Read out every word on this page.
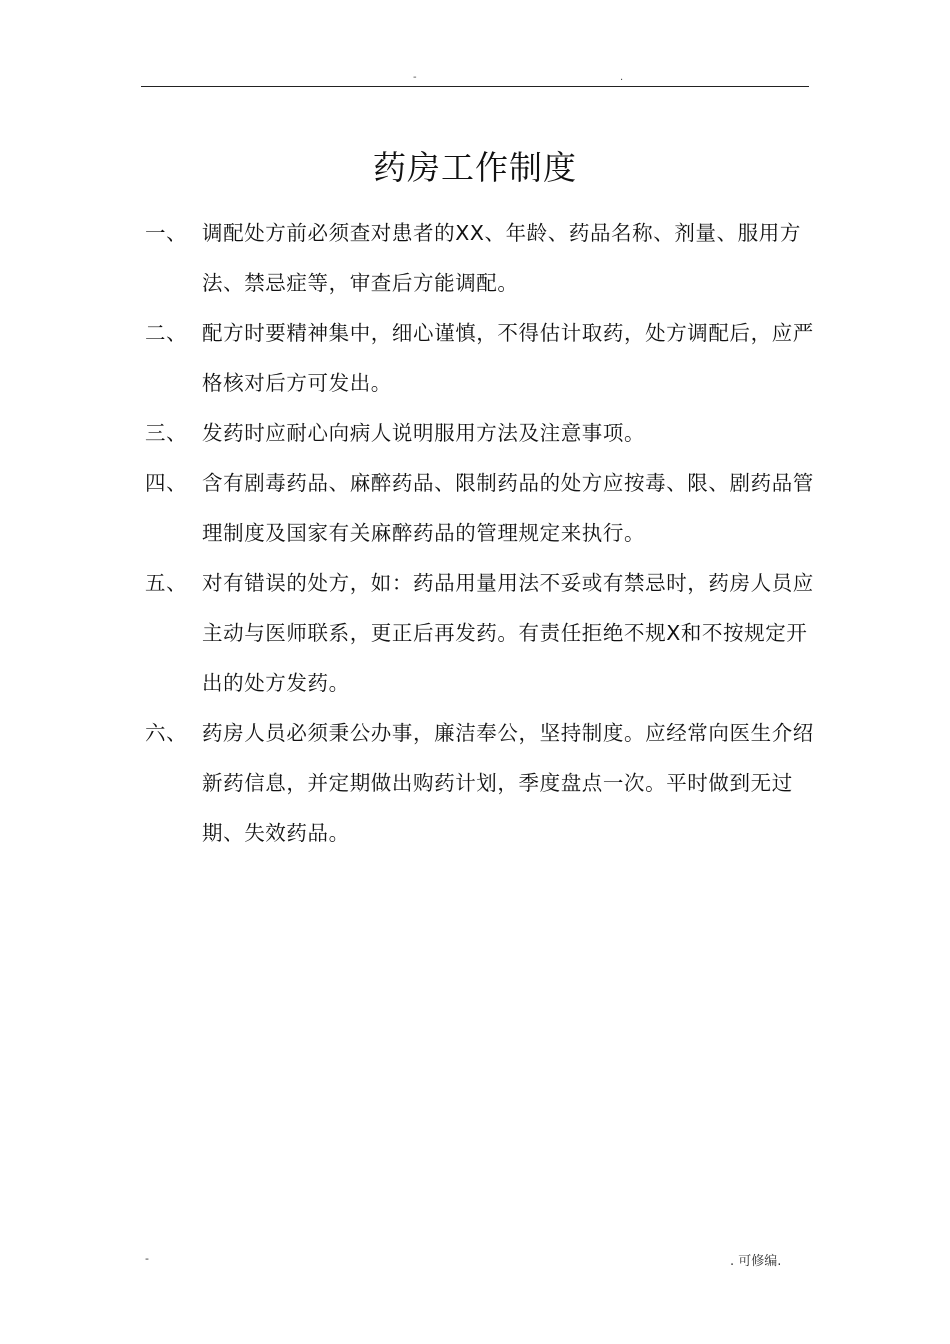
-	.
药房工作制度
一、 调配处方前必须查对患者的XX、年龄、药品名称、剂量、服用方法、禁忌症等，审查后方能调配。
二、 配方时要精神集中，细心谨慎，不得估计取药，处方调配后，应严格核对后方可发出。
三、 发药时应耐心向病人说明服用方法及注意事项。
四、 含有剧毒药品、麻醉药品、限制药品的处方应按毒、限、剧药品管理制度及国家有关麻醉药品的管理规定来执行。
五、 对有错误的处方，如：药品用量用法不妥或有禁忌时，药房人员应主动与医师联系，更正后再发药。有责任拒绝不规X和不按规定开出的处方发药。
六、 药房人员必须秉公办事，廉洁奉公，坚持制度。应经常向医生介绍新药信息，并定期做出购药计划，季度盘点一次。平时做到无过期、失效药品。
-	. 可修编.
